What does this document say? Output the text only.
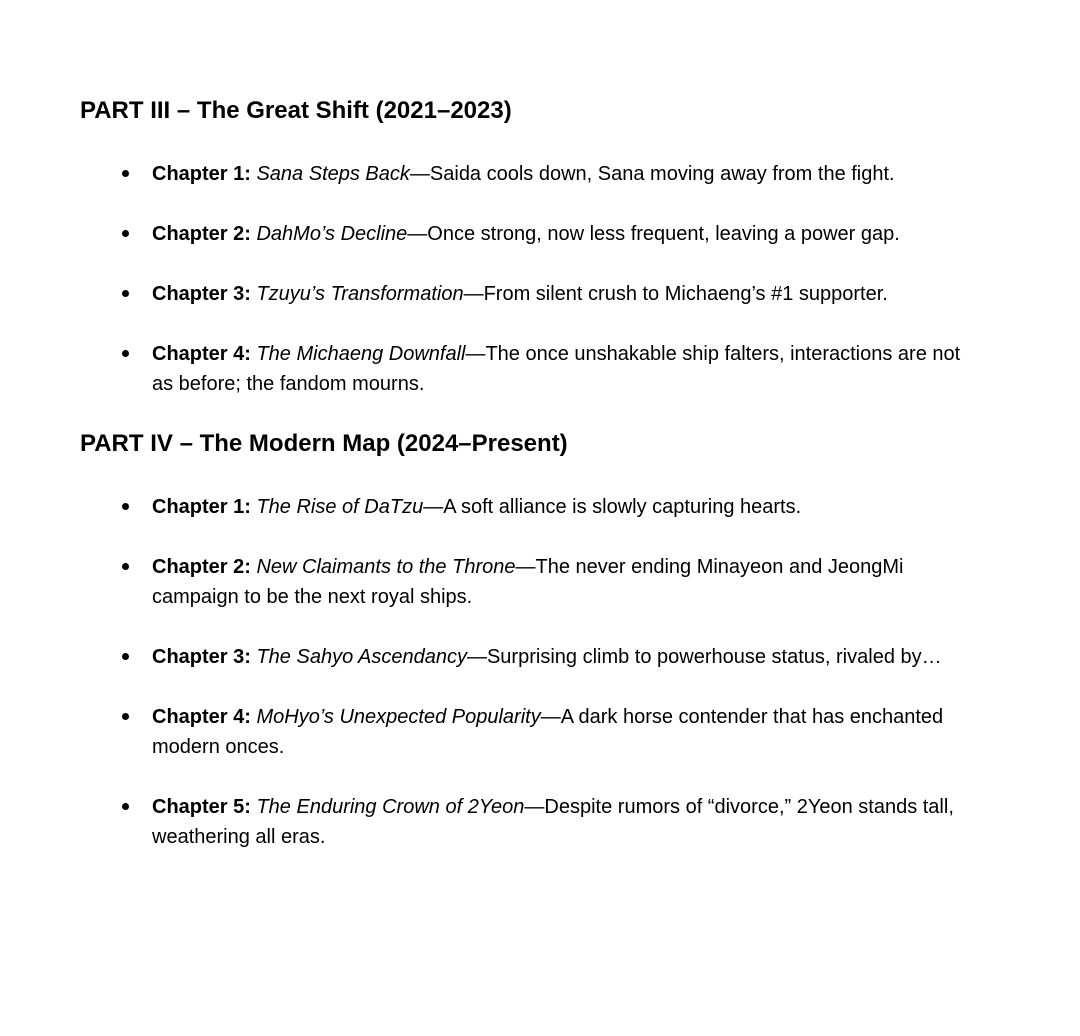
PART III – The Great Shift (2021–2023)
Chapter 1: Sana Steps Back—Saida cools down, Sana moving away from the fight.
Chapter 2: DahMo’s Decline—Once strong, now less frequent, leaving a power gap.
Chapter 3: Tzuyu’s Transformation—From silent crush to Michaeng’s #1 supporter.
Chapter 4: The Michaeng Downfall—The once unshakable ship falters, interactions are not as before; the fandom mourns.
PART IV – The Modern Map (2024–Present)
Chapter 1: The Rise of DaTzu—A soft alliance is slowly capturing hearts.
Chapter 2: New Claimants to the Throne—The never ending Minayeon and JeongMi campaign to be the next royal ships.
Chapter 3: The Sahyo Ascendancy—Surprising climb to powerhouse status, rivaled by…
Chapter 4: MoHyo’s Unexpected Popularity—A dark horse contender that has enchanted modern onces.
Chapter 5: The Enduring Crown of 2Yeon—Despite rumors of “divorce,” 2Yeon stands tall, weathering all eras.
